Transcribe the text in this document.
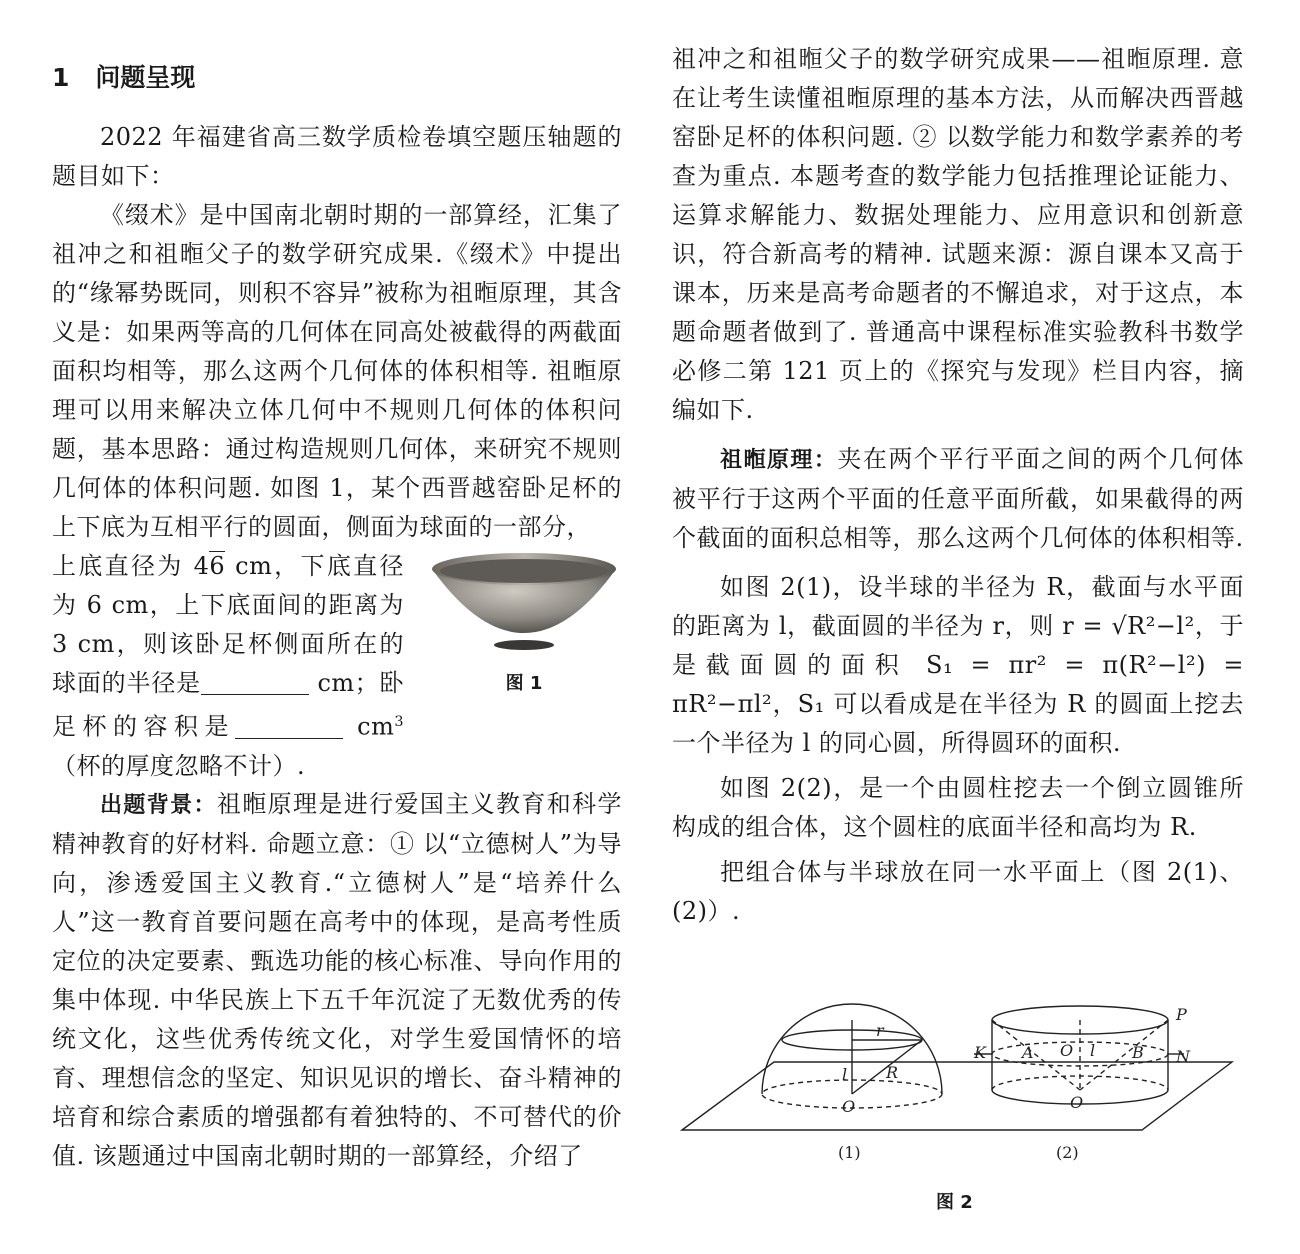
1 问题呈现

2022 年福建省高三数学质检卷填空题压轴题的题目如下：

《缀术》是中国南北朝时期的一部算经，汇集了祖冲之和祖暅父子的数学研究成果.《缀术》中提出的“缘幂势既同，则积不容异”被称为祖暅原理，其含义是：如果两等高的几何体在同高处被截得的两截面面积均相等，那么这两个几何体的体积相等. 祖暅原理可以用来解决立体几何中不规则几何体的体积问题，基本思路：通过构造规则几何体，来研究不规则几何体的体积问题. 如图 1，某个西晋越窑卧足杯的上下底为互相平行的圆面，侧面为球面的一部分，

上底直径为 46 cm，下底直径为 6 cm，上下底面间的距离为 3 cm，则该卧足杯侧面所在的球面的半径是	cm；卧足杯的容积是	$cm^3$（杯的厚度忽略不计）.

图 1

出题背景：祖暅原理是进行爱国主义教育和科学精神教育的好材料. 命题立意：① 以“立德树人”为导向，渗透爱国主义教育.“立德树人”是“培养什么人”这一教育首要问题在高考中的体现，是高考性质定位的决定要素、甄选功能的核心标准、导向作用的集中体现. 中华民族上下五千年沉淀了无数优秀的传统文化，这些优秀传统文化，对学生爱国情怀的培育、理想信念的坚定、知识见识的增长、奋斗精神的培育和综合素质的增强都有着独特的、不可替代的价值. 该题通过中国南北朝时期的一部算经，介绍了

祖冲之和祖暅父子的数学研究成果——祖暅原理. 意在让考生读懂祖暅原理的基本方法，从而解决西晋越窑卧足杯的体积问题. ② 以数学能力和数学素养的考查为重点. 本题考查的数学能力包括推理论证能力、运算求解能力、数据处理能力、应用意识和创新意识，符合新高考的精神. 试题来源：源自课本又高于课本，历来是高考命题者的不懈追求，对于这点，本题命题者做到了. 普通高中课程标准实验教科书数学必修二第 121 页上的《探究与发现》栏目内容，摘编如下.

祖暅原理：夹在两个平行平面之间的两个几何体被平行于这两个平面的任意平面所截，如果截得的两个截面的面积总相等，那么这两个几何体的体积相等.

如图 2(1)，设半球的半径为 R，截面与水平面的距离为 l，截面圆的半径为 r，则 r = √R²−l²，于是截面圆的面积 S₁ = πr² = π(R²−l²) = πR²−πl²，S₁ 可以看成是在半径为 R 的圆面上挖去一个半径为 l 的同心圆，所得圆环的面积.

如图 2(2)，是一个由圆柱挖去一个倒立圆锥所构成的组合体，这个圆柱的底面半径和高均为 R.

把组合体与半球放在同一水平面上（图 2(1)、(2)）.

r
l R
O
K A O l B N
P
O
(1)	(2)
图 2
